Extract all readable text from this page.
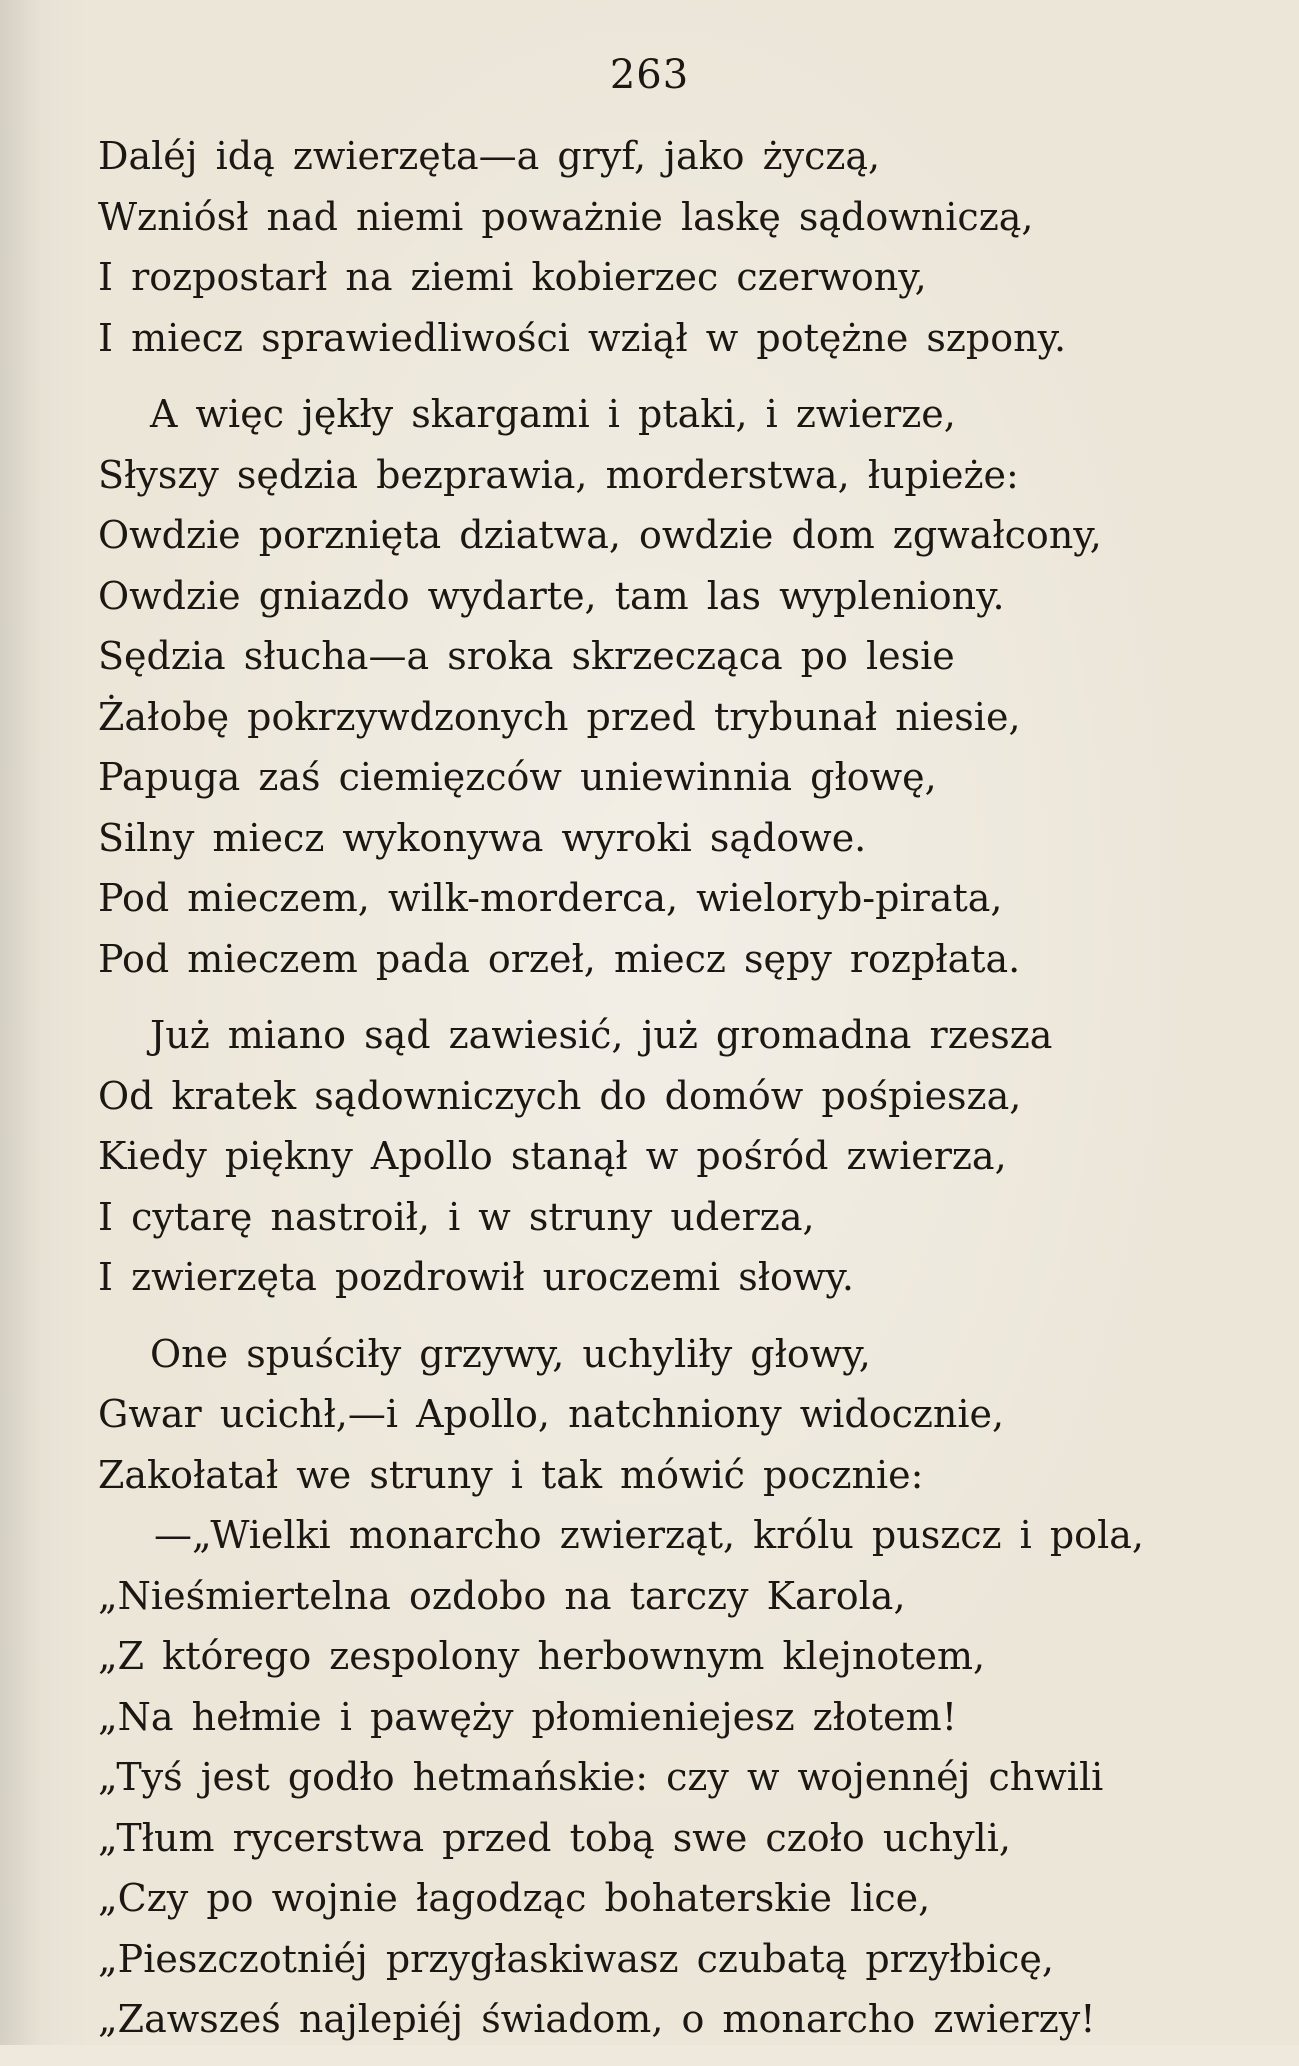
263
Daléj idą zwierzęta—a gryf, jako życzą,
Wzniósł nad niemi poważnie laskę sądowniczą,
I rozpostarł na ziemi kobierzec czerwony,
I miecz sprawiedliwości wziął w potężne szpony.
A więc jękły skargami i ptaki, i zwierze,
Słyszy sędzia bezprawia, morderstwa, łupieże:
Owdzie porznięta dziatwa, owdzie dom zgwałcony,
Owdzie gniazdo wydarte, tam las wypleniony.
Sędzia słucha—a sroka skrzecząca po lesie
Żałobę pokrzywdzonych przed trybunał niesie,
Papuga zaś ciemięzców uniewinnia głowę,
Silny miecz wykonywa wyroki sądowe.
Pod mieczem, wilk-morderca, wieloryb-pirata,
Pod mieczem pada orzeł, miecz sępy rozpłata.
Już miano sąd zawiesić, już gromadna rzesza
Od kratek sądowniczych do domów pośpiesza,
Kiedy piękny Apollo stanął w pośród zwierza,
I cytarę nastroił, i w struny uderza,
I zwierzęta pozdrowił uroczemi słowy.
One spuściły grzywy, uchyliły głowy,
Gwar ucichł,—i Apollo, natchniony widocznie,
Zakołatał we struny i tak mówić pocznie:
—„Wielki monarcho zwierząt, królu puszcz i pola,
„Nieśmiertelna ozdobo na tarczy Karola,
„Z którego zespolony herbownym klejnotem,
„Na hełmie i pawęży płomieniejesz złotem!
„Tyś jest godło hetmańskie: czy w wojennéj chwili
„Tłum rycerstwa przed tobą swe czoło uchyli,
„Czy po wojnie łagodząc bohaterskie lice,
„Pieszczotniéj przygłaskiwasz czubatą przyłbicę,
„Zawsześ najlepiéj świadom, o monarcho zwierzy!
